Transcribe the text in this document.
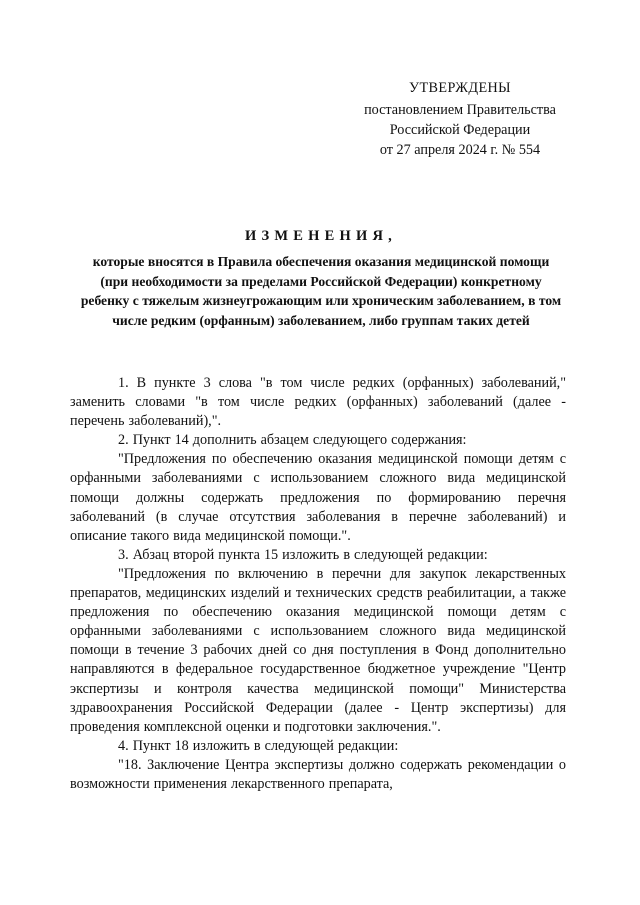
УТВЕРЖДЕНЫ
постановлением Правительства
Российской Федерации
от 27 апреля 2024 г. № 554
ИЗМЕНЕНИЯ,
которые вносятся в Правила обеспечения оказания медицинской помощи (при необходимости за пределами Российской Федерации) конкретному ребенку с тяжелым жизнеугрожающим или хроническим заболеванием, в том числе редким (орфанным) заболеванием, либо группам таких детей

1. В пункте 3 слова "в том числе редких (орфанных) заболеваний," заменить словами "в том числе редких (орфанных) заболеваний (далее - перечень заболеваний),".

2. Пункт 14 дополнить абзацем следующего содержания:

"Предложения по обеспечению оказания медицинской помощи детям с орфанными заболеваниями с использованием сложного вида медицинской помощи должны содержать предложения по формированию перечня заболеваний (в случае отсутствия заболевания в перечне заболеваний) и описание такого вида медицинской помощи.".

3. Абзац второй пункта 15 изложить в следующей редакции:

"Предложения по включению в перечни для закупок лекарственных препаратов, медицинских изделий и технических средств реабилитации, а также предложения по обеспечению оказания медицинской помощи детям с орфанными заболеваниями с использованием сложного вида медицинской помощи в течение 3 рабочих дней со дня поступления в Фонд дополнительно направляются в федеральное государственное бюджетное учреждение "Центр экспертизы и контроля качества медицинской помощи" Министерства здравоохранения Российской Федерации (далее - Центр экспертизы) для проведения комплексной оценки и подготовки заключения.".

4. Пункт 18 изложить в следующей редакции:

"18. Заключение Центра экспертизы должно содержать рекомендации о возможности применения лекарственного препарата,
